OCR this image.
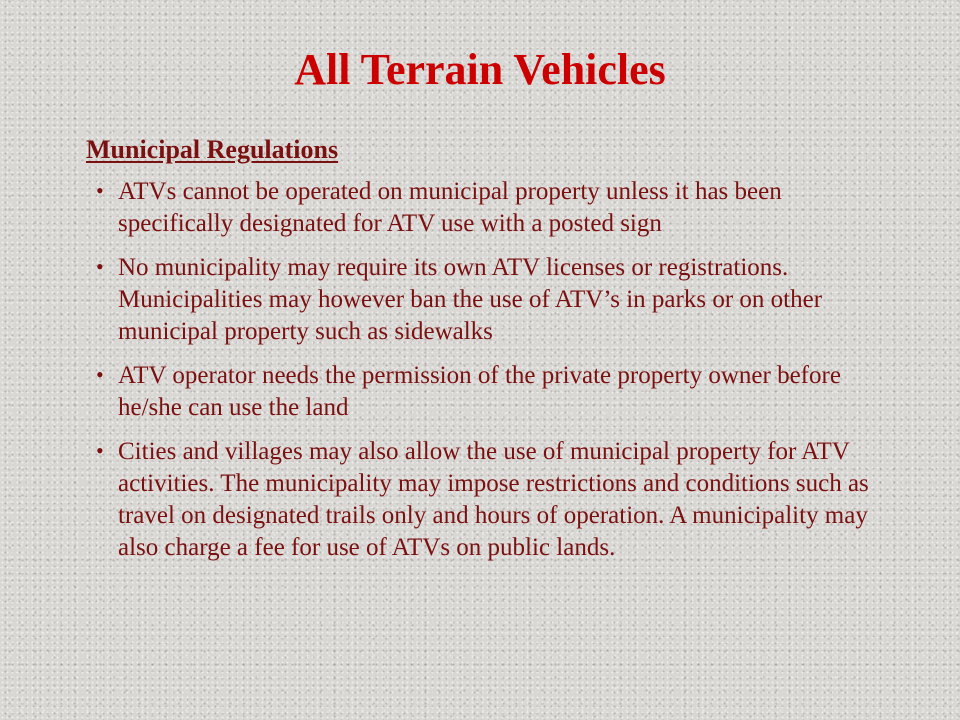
All Terrain Vehicles
Municipal Regulations
• ATVs cannot be operated on municipal property unless it has been specifically designated for ATV use with a posted sign
• No municipality may require its own ATV licenses or registrations. Municipalities may however ban the use of ATV’s in parks or on other municipal property such as sidewalks
• ATV operator needs the permission of the private property owner before he/she can use the land
• Cities and villages may also allow the use of municipal property for ATV activities. The municipality may impose restrictions and conditions such as travel on designated trails only and hours of operation. A municipality may also charge a fee for use of ATVs on public lands.
